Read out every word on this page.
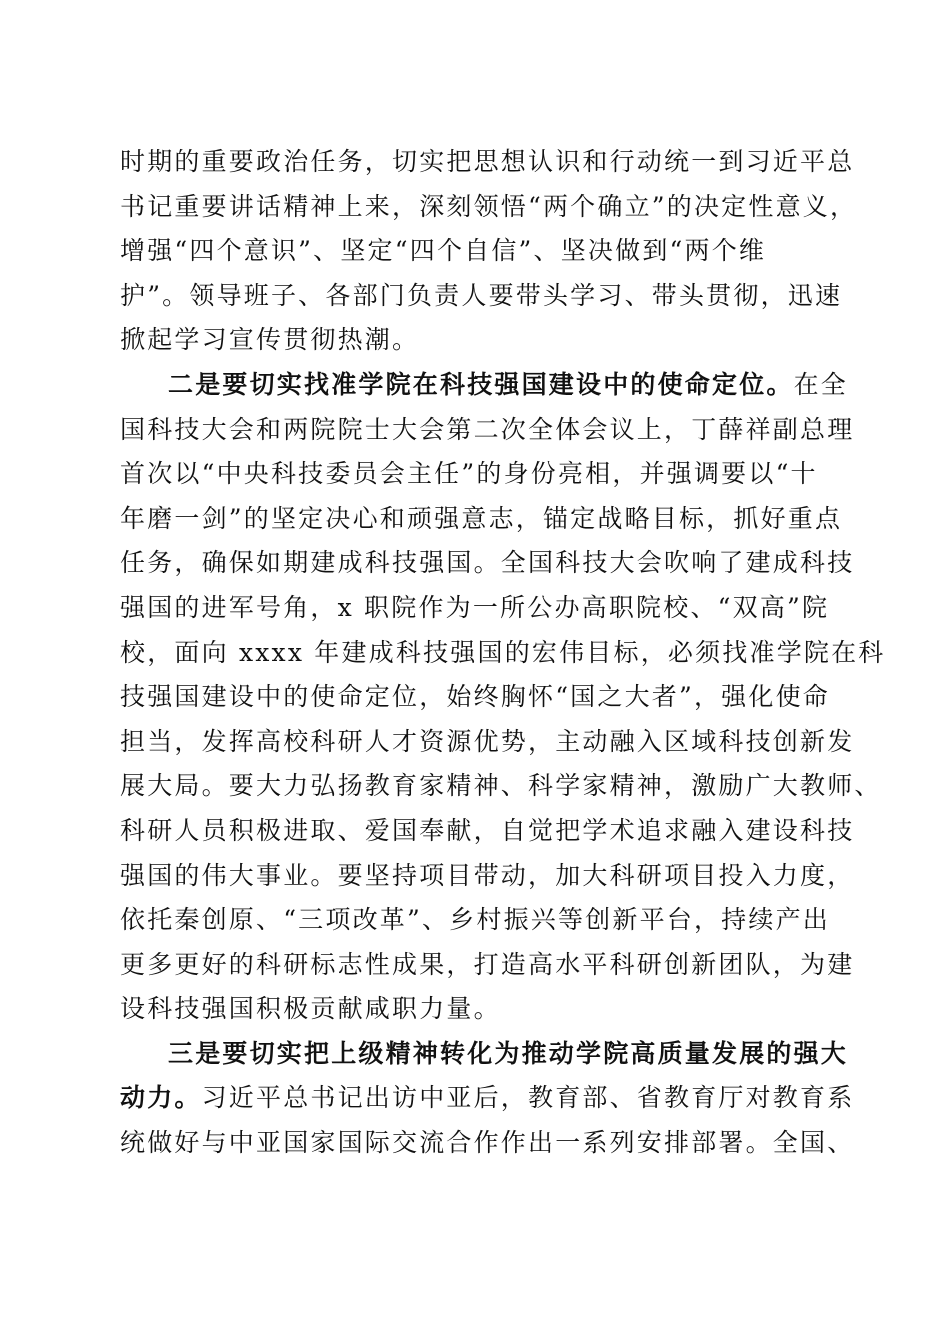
时期的重要政治任务，切实把思想认识和行动统一到习近平总
书记重要讲话精神上来，深刻领悟“两个确立”的决定性意义，
增强“四个意识”、坚定“四个自信”、坚决做到“两个维
护”。领导班子、各部门负责人要带头学习、带头贯彻，迅速
掀起学习宣传贯彻热潮。
二是要切实找准学院在科技强国建设中的使命定位。在全
国科技大会和两院院士大会第二次全体会议上，丁薛祥副总理
首次以“中央科技委员会主任”的身份亮相，并强调要以“十
年磨一剑”的坚定决心和顽强意志，锚定战略目标，抓好重点
任务，确保如期建成科技强国。全国科技大会吹响了建成科技
强国的进军号角，x 职院作为一所公办高职院校、“双高”院
校，面向 xxxx 年建成科技强国的宏伟目标，必须找准学院在科
技强国建设中的使命定位，始终胸怀“国之大者”，强化使命
担当，发挥高校科研人才资源优势，主动融入区域科技创新发
展大局。要大力弘扬教育家精神、科学家精神，激励广大教师、
科研人员积极进取、爱国奉献，自觉把学术追求融入建设科技
强国的伟大事业。要坚持项目带动，加大科研项目投入力度，
依托秦创原、“三项改革”、乡村振兴等创新平台，持续产出
更多更好的科研标志性成果，打造高水平科研创新团队，为建
设科技强国积极贡献咸职力量。
三是要切实把上级精神转化为推动学院高质量发展的强大
动力。习近平总书记出访中亚后，教育部、省教育厅对教育系
统做好与中亚国家国际交流合作作出一系列安排部署。全国、
